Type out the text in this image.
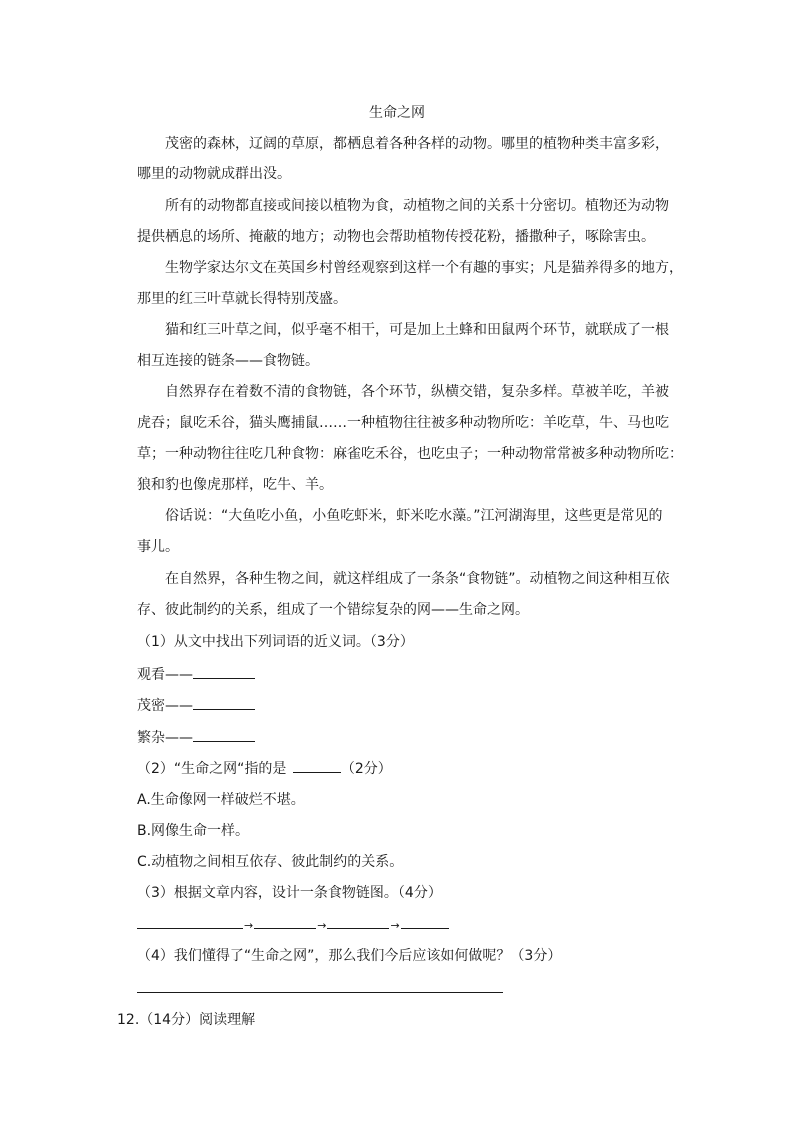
生命之网
茂密的森林，辽阔的草原，都栖息着各种各样的动物。哪里的植物种类丰富多彩，
哪里的动物就成群出没。
所有的动物都直接或间接以植物为食，动植物之间的关系十分密切。植物还为动物
提供栖息的场所、掩蔽的地方；动物也会帮助植物传授花粉，播撒种子，啄除害虫。
生物学家达尔文在英国乡村曾经观察到这样一个有趣的事实；凡是猫养得多的地方，
那里的红三叶草就长得特别茂盛。
猫和红三叶草之间，似乎毫不相干，可是加上土蜂和田鼠两个环节，就联成了一根
相互连接的链条——食物链。
自然界存在着数不清的食物链，各个环节，纵横交错，复杂多样。草被羊吃，羊被
虎吞；鼠吃禾谷，猫头鹰捕鼠……一种植物往往被多种动物所吃：羊吃草，牛、马也吃
草；一种动物往往吃几种食物：麻雀吃禾谷，也吃虫子；一种动物常常被多种动物所吃：
狼和豹也像虎那样，吃牛、羊。
俗话说：“大鱼吃小鱼，小鱼吃虾米，虾米吃水藻。”江河湖海里，这些更是常见的
事儿。
在自然界，各种生物之间，就这样组成了一条条“食物链”。动植物之间这种相互依
存、彼此制约的关系，组成了一个错综复杂的网——生命之网。
（1）从文中找出下列词语的近义词。（3分）
观看——
茂密——
繁杂——
（2）“生命之网“指的是	（2分）
A.生命像网一样破烂不堪。
B.网像生命一样。
C.动植物之间相互依存、彼此制约的关系。
（3）根据文章内容，设计一条食物链图。（4分）
→	→	→
（4）我们懂得了“生命之网”，那么我们今后应该如何做呢？（3分）
12.（14分）阅读理解
